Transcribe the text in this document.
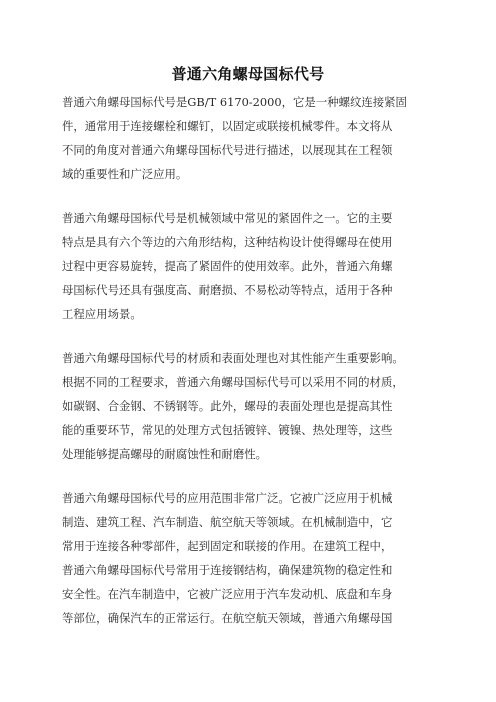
普通六角螺母国标代号
普通六角螺母国标代号是GB/T 6170-2000，它是一种螺纹连接紧固
件，通常用于连接螺栓和螺钉，以固定或联接机械零件。本文将从
不同的角度对普通六角螺母国标代号进行描述，以展现其在工程领
域的重要性和广泛应用。
普通六角螺母国标代号是机械领域中常见的紧固件之一。它的主要
特点是具有六个等边的六角形结构，这种结构设计使得螺母在使用
过程中更容易旋转，提高了紧固件的使用效率。此外，普通六角螺
母国标代号还具有强度高、耐磨损、不易松动等特点，适用于各种
工程应用场景。
普通六角螺母国标代号的材质和表面处理也对其性能产生重要影响。
根据不同的工程要求，普通六角螺母国标代号可以采用不同的材质，
如碳钢、合金钢、不锈钢等。此外，螺母的表面处理也是提高其性
能的重要环节，常见的处理方式包括镀锌、镀镍、热处理等，这些
处理能够提高螺母的耐腐蚀性和耐磨性。
普通六角螺母国标代号的应用范围非常广泛。它被广泛应用于机械
制造、建筑工程、汽车制造、航空航天等领域。在机械制造中，它
常用于连接各种零部件，起到固定和联接的作用。在建筑工程中，
普通六角螺母国标代号常用于连接钢结构，确保建筑物的稳定性和
安全性。在汽车制造中，它被广泛应用于汽车发动机、底盘和车身
等部位，确保汽车的正常运行。在航空航天领域，普通六角螺母国
